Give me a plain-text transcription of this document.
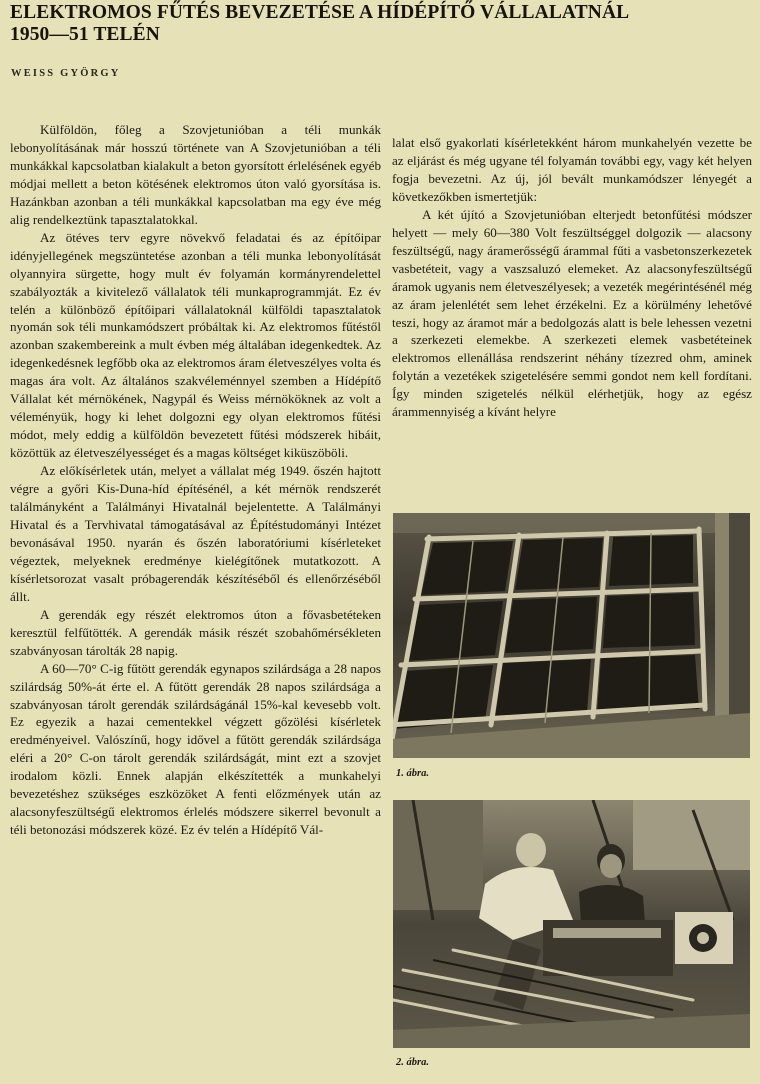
ELEKTROMOS FŰTÉS BEVEZETÉSE A HÍDÉPÍTŐ VÁLLALATNÁL
1950—51 TELÉN
WEISS GYÖRGY

Külföldön, főleg a Szovjetunióban a téli munkák lebonyolításának már hosszú története van A Szovjetunióban a téli munkákkal kapcsolatban kialakult a beton gyorsított érlelésének egyéb módjai mellett a beton kötésének elektromos úton való gyorsítása is. Hazánkban azonban a téli munkákkal kapcsolatban ma egy éve még alig rendelkeztünk tapasztalatokkal.

Az ötéves terv egyre növekvő feladatai és az építőipar idényjellegének megszüntetése azonban a téli munka lebonyolítását olyannyira sürgette, hogy mult év folyamán kormányrendelettel szabályozták a kivitelező vállalatok téli munkaprogrammját. Ez év telén a különböző építőipari vállalatoknál külföldi tapasztalatok nyomán sok téli munkamódszert próbáltak ki. Az elektromos fűtéstől azonban szakembereink a mult évben még általában idegenkedtek. Az idegenkedésnek legfőbb oka az elektromos áram életveszélyes volta és magas ára volt. Az általános szakvéleménnyel szemben a Hídépítő Vállalat két mérnökének, Nagypál és Weiss mérnököknek az volt a véleményük, hogy ki lehet dolgozni egy olyan elektromos fűtési módot, mely eddig a külföldön bevezetett fűtési módszerek hibáit, közöttük az életveszélyességet és a magas költséget kiküszöböli.

Az előkísérletek után, melyet a vállalat még 1949. őszén hajtott végre a győri Kis-Duna-híd építésénél, a két mérnök rendszerét találmányként a Találmányi Hivatalnál bejelentette. A Találmányi Hivatal és a Tervhivatal támogatásával az Építéstudományi Intézet bevonásával 1950. nyarán és őszén laboratóriumi kísérleteket végeztek, melyeknek eredménye kielégítőnek mutatkozott. A kísérletsorozat vasalt próbagerendák készítéséből és ellenőrzéséből állt.

A gerendák egy részét elektromos úton a fővasbetéteken keresztül felfűtötték. A gerendák másik részét szobahőmérsékleten szabványosan tárolták 28 napig.

A 60—70° C-ig fűtött gerendák egynapos szilárdsága a 28 napos szilárdság 50%-át érte el. A fűtött gerendák 28 napos szilárdsága a szabványosan tárolt gerendák szilárdságánál 15%-kal kevesebb volt. Ez egyezik a hazai cementekkel végzett gőzölési kísérletek eredményeivel. Valószínű, hogy idővel a fűtött gerendák szilárdsága eléri a 20° C-on tárolt gerendák szilárdságát, mint ezt a szovjet irodalom közli. Ennek alapján elkészítették a munkahelyi bevezetéshez szükséges eszközöket A fenti előzmények után az alacsonyfeszültségű elektromos érlelés módszere sikerrel bevonult a téli betonozási módszerek közé. Ez év telén a Hídépítő Vál-

lalat első gyakorlati kísérletekként három munkahelyén vezette be az eljárást és még ugyane tél folyamán további egy, vagy két helyen fogja bevezetni. Az új, jól bevált munkamódszer lényegét a következőkben ismertetjük:

A két újító a Szovjetunióban elterjedt betonfűtési módszer helyett — mely 60—380 Volt feszültséggel dolgozik — alacsony feszültségű, nagy áramerősségű árammal fűti a vasbetonszerkezetek vasbetéteit, vagy a vaszsaluzó elemeket. Az alacsonyfeszültségű áramok ugyanis nem életveszélyesek; a vezeték megérintésénél még az áram jelenlétét sem lehet érzékelni. Ez a körülmény lehetővé teszi, hogy az áramot már a bedolgozás alatt is bele lehessen vezetni a szerkezeti elemekbe. A szerkezeti elemek vasbetéteinek elektromos ellenállása rendszerint néhány tízezred ohm, aminek folytán a vezetékek szigetelésére semmi gondot nem kell fordítani. Így minden szigetelés nélkül elérhetjük, hogy az egész árammennyiség a kívánt helyre

1. ábra.
2. ábra.
